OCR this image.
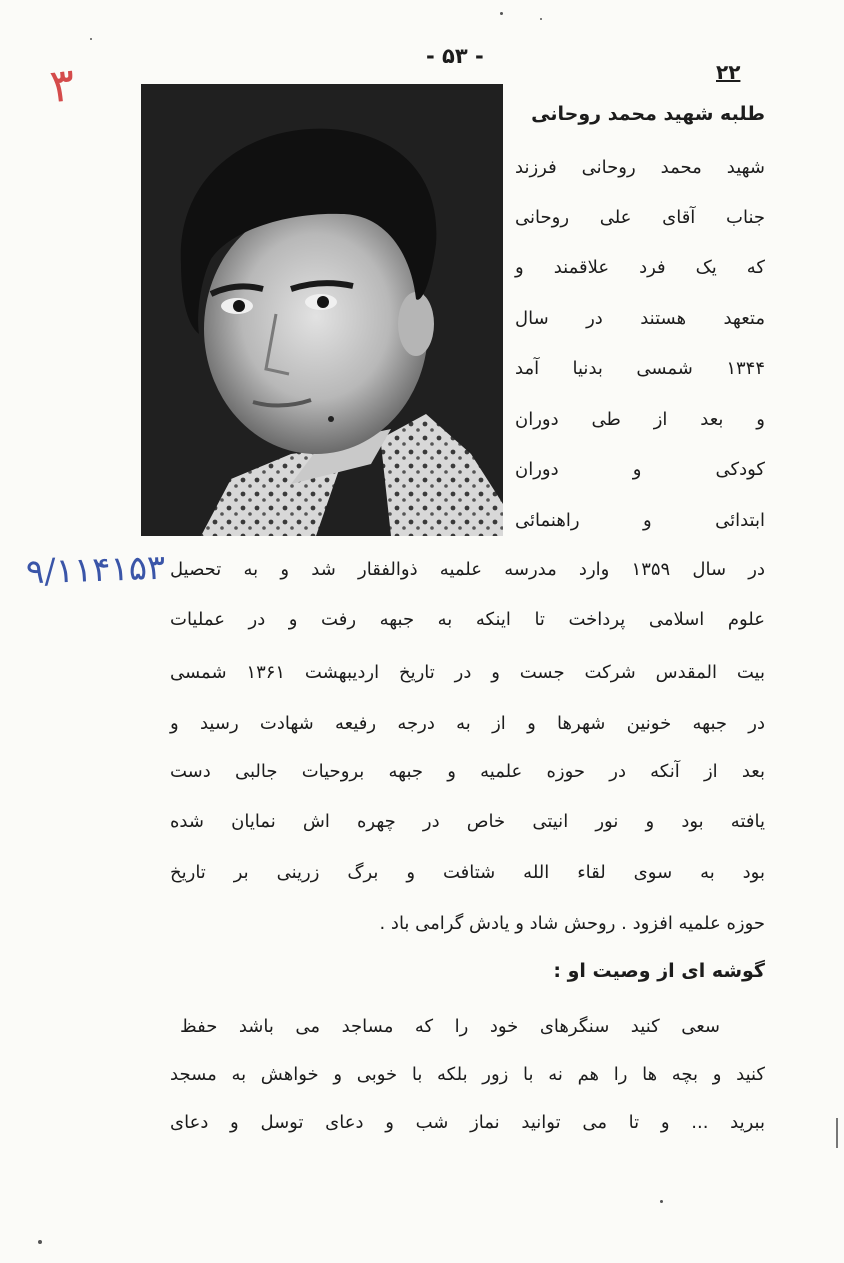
۳
- ۵۳ -
۲۲
طلبه شهید محمد روحانی
شهید محمد روحانی فرزند
جناب آقای علی روحانی
که یک فرد علاقمند و
متعهد هستند در سال
۱۳۴۴ شمسی بدنیا آمد
و بعد از طی دوران
کودکی و دوران
ابتدائی و راهنمائی
۹/۱۱۴۱۵۳ در سال ۱۳۵۹ وارد مدرسه علمیه ذوالفقار شد و به تحصیل
علوم اسلامی پرداخت تا اینکه به جبهه رفت و در عملیات
بیت المقدس شرکت جست و در تاریخ اردیبهشت ۱۳۶۱ شمسی
در جبهه خونین شهرها و از به درجه رفیعه شهادت رسید و
بعد از آنکه در حوزه علمیه و جبهه بروحیات جالبی دست
یافته بود و نور انیتی خاص در چهره اش نمایان شده
بود به سوی لقاء الله شتافت و برگ زرینی بر تاریخ
حوزه علمیه افزود . روحش شاد و یادش گرامی باد .
گوشه ای از وصیت او :
سعی کنید سنگرهای خود را که مساجد می باشد حفظ
کنید و بچه ها را هم نه با زور بلکه با خوبی و خواهش به مسجد
ببرید ... و تا می توانید نماز شب و دعای توسل و دعای
